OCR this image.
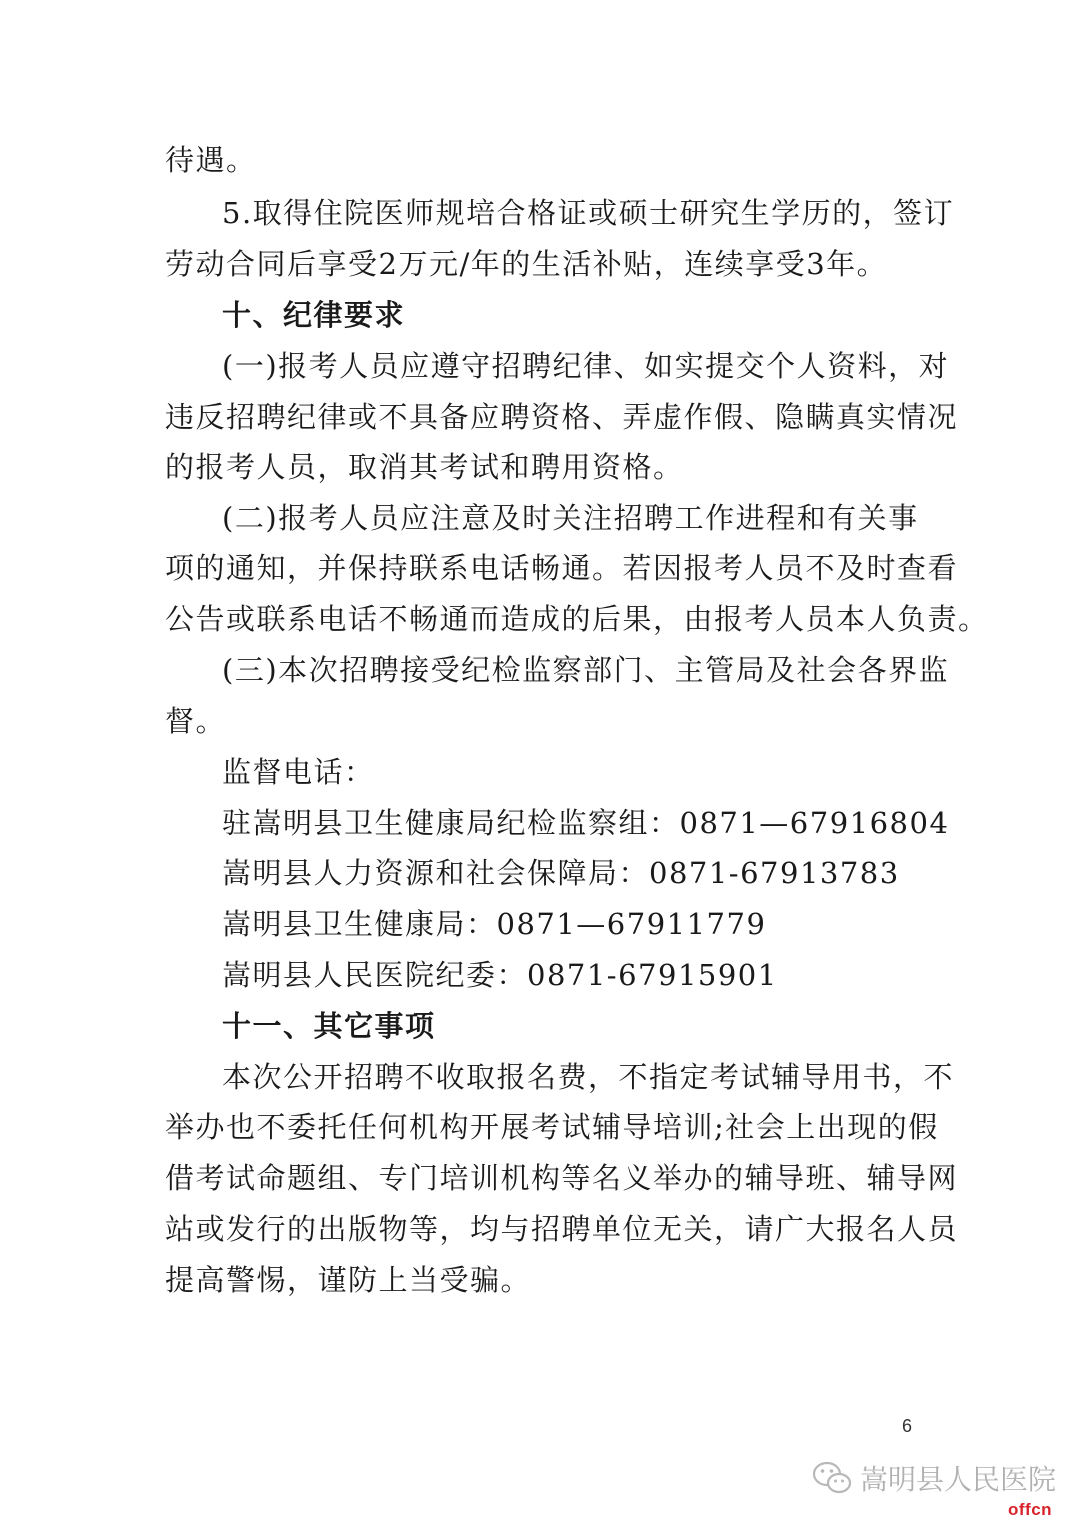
待遇。
5.取得住院医师规培合格证或硕士研究生学历的，签订
劳动合同后享受2万元/年的生活补贴，连续享受3年。
十、纪律要求
(一)报考人员应遵守招聘纪律、如实提交个人资料，对
违反招聘纪律或不具备应聘资格、弄虚作假、隐瞒真实情况
的报考人员，取消其考试和聘用资格。
(二)报考人员应注意及时关注招聘工作进程和有关事
项的通知，并保持联系电话畅通。若因报考人员不及时查看
公告或联系电话不畅通而造成的后果，由报考人员本人负责。
(三)本次招聘接受纪检监察部门、主管局及社会各界监
督。
监督电话：
驻嵩明县卫生健康局纪检监察组：0871—67916804
嵩明县人力资源和社会保障局：0871-67913783
嵩明县卫生健康局：0871—67911779
嵩明县人民医院纪委：0871-67915901
十一、其它事项
本次公开招聘不收取报名费，不指定考试辅导用书，不
举办也不委托任何机构开展考试辅导培训;社会上出现的假
借考试命题组、专门培训机构等名义举办的辅导班、辅导网
站或发行的出版物等，均与招聘单位无关，请广大报名人员
提高警惕，谨防上当受骗。
6
嵩明县人民医院
offcn
